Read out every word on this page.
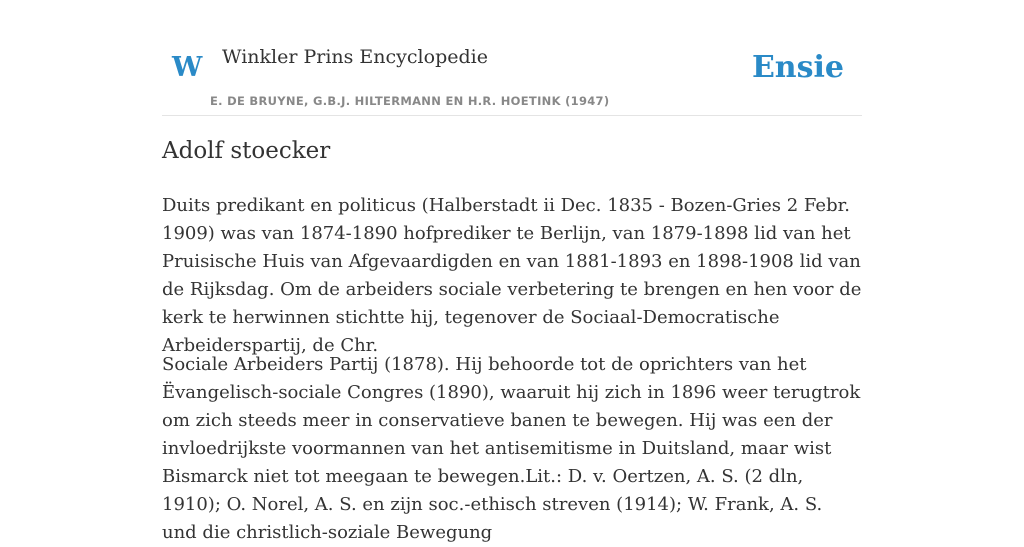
W Winkler Prins Encyclopedie
E. DE BRUYNE, G.B.J. HILTERMANN EN H.R. HOETINK (1947)
Ensie
Adolf stoecker

Duits predikant en politicus (Halberstadt ii Dec. 1835 - Bozen-Gries 2 Febr. 1909) was van 1874-1890 hofprediker te Berlijn, van 1879-1898 lid van het Pruisische Huis van Afgevaardigden en van 1881-1893 en 1898-1908 lid van de Rijksdag. Om de arbeiders sociale verbetering te brengen en hen voor de kerk te herwinnen stichtte hij, tegenover de Sociaal-Democratische Arbeiderspartij, de Chr.

Sociale Arbeiders Partij (1878). Hij behoorde tot de oprichters van het Ëvangelisch-sociale Congres (1890), waaruit hij zich in 1896 weer terugtrok om zich steeds meer in conservatieve banen te bewegen. Hij was een der invloedrijkste voormannen van het antisemitisme in Duitsland, maar wist Bismarck niet tot meegaan te bewegen.Lit.: D. v. Oertzen, A. S. (2 dln, 1910); O. Norel, A. S. en zijn soc.-ethisch streven (1914); W. Frank, A. S. und die christlich-soziale Bewegung
